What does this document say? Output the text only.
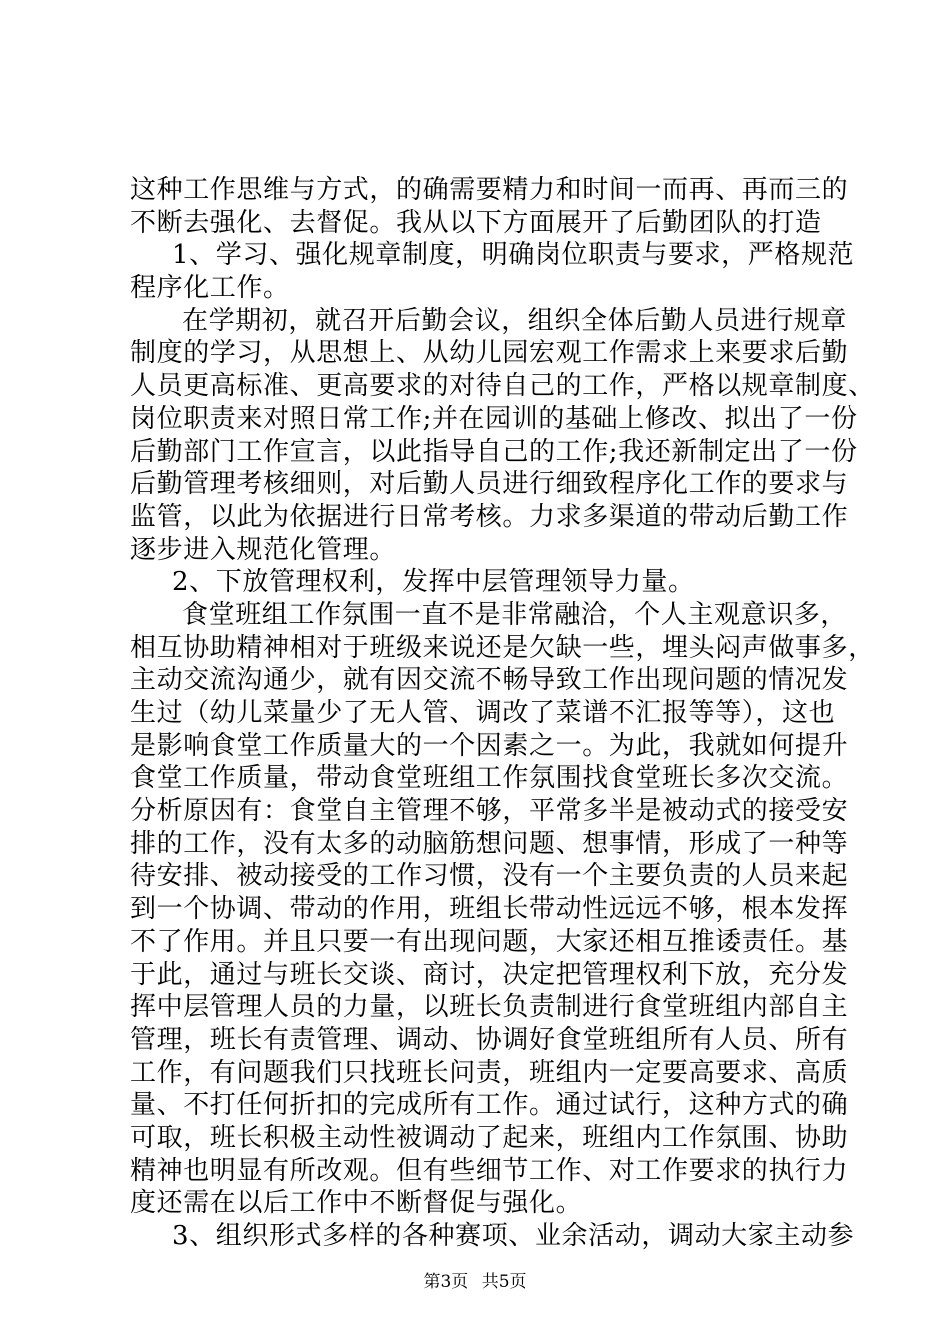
这种工作思维与方式，的确需要精力和时间一而再、再而三的
不断去强化、去督促。我从以下方面展开了后勤团队的打造
1、学习、强化规章制度，明确岗位职责与要求，严格规范
程序化工作。
在学期初，就召开后勤会议，组织全体后勤人员进行规章
制度的学习，从思想上、从幼儿园宏观工作需求上来要求后勤
人员更高标准、更高要求的对待自己的工作，严格以规章制度、
岗位职责来对照日常工作;并在园训的基础上修改、拟出了一份
后勤部门工作宣言，以此指导自己的工作;我还新制定出了一份
后勤管理考核细则，对后勤人员进行细致程序化工作的要求与
监管，以此为依据进行日常考核。力求多渠道的带动后勤工作
逐步进入规范化管理。
2、下放管理权利，发挥中层管理领导力量。
食堂班组工作氛围一直不是非常融洽，个人主观意识多，
相互协助精神相对于班级来说还是欠缺一些，埋头闷声做事多，
主动交流沟通少，就有因交流不畅导致工作出现问题的情况发
生过（幼儿菜量少了无人管、调改了菜谱不汇报等等），这也
是影响食堂工作质量大的一个因素之一。为此，我就如何提升
食堂工作质量，带动食堂班组工作氛围找食堂班长多次交流。
分析原因有：食堂自主管理不够，平常多半是被动式的接受安
排的工作，没有太多的动脑筋想问题、想事情，形成了一种等
待安排、被动接受的工作习惯，没有一个主要负责的人员来起
到一个协调、带动的作用，班组长带动性远远不够，根本发挥
不了作用。并且只要一有出现问题，大家还相互推诿责任。基
于此，通过与班长交谈、商讨，决定把管理权利下放，充分发
挥中层管理人员的力量，以班长负责制进行食堂班组内部自主
管理，班长有责管理、调动、协调好食堂班组所有人员、所有
工作，有问题我们只找班长问责，班组内一定要高要求、高质
量、不打任何折扣的完成所有工作。通过试行，这种方式的确
可取，班长积极主动性被调动了起来，班组内工作氛围、协助
精神也明显有所改观。但有些细节工作、对工作要求的执行力
度还需在以后工作中不断督促与强化。
3、组织形式多样的各种赛项、业余活动，调动大家主动参
第3页 共5页
